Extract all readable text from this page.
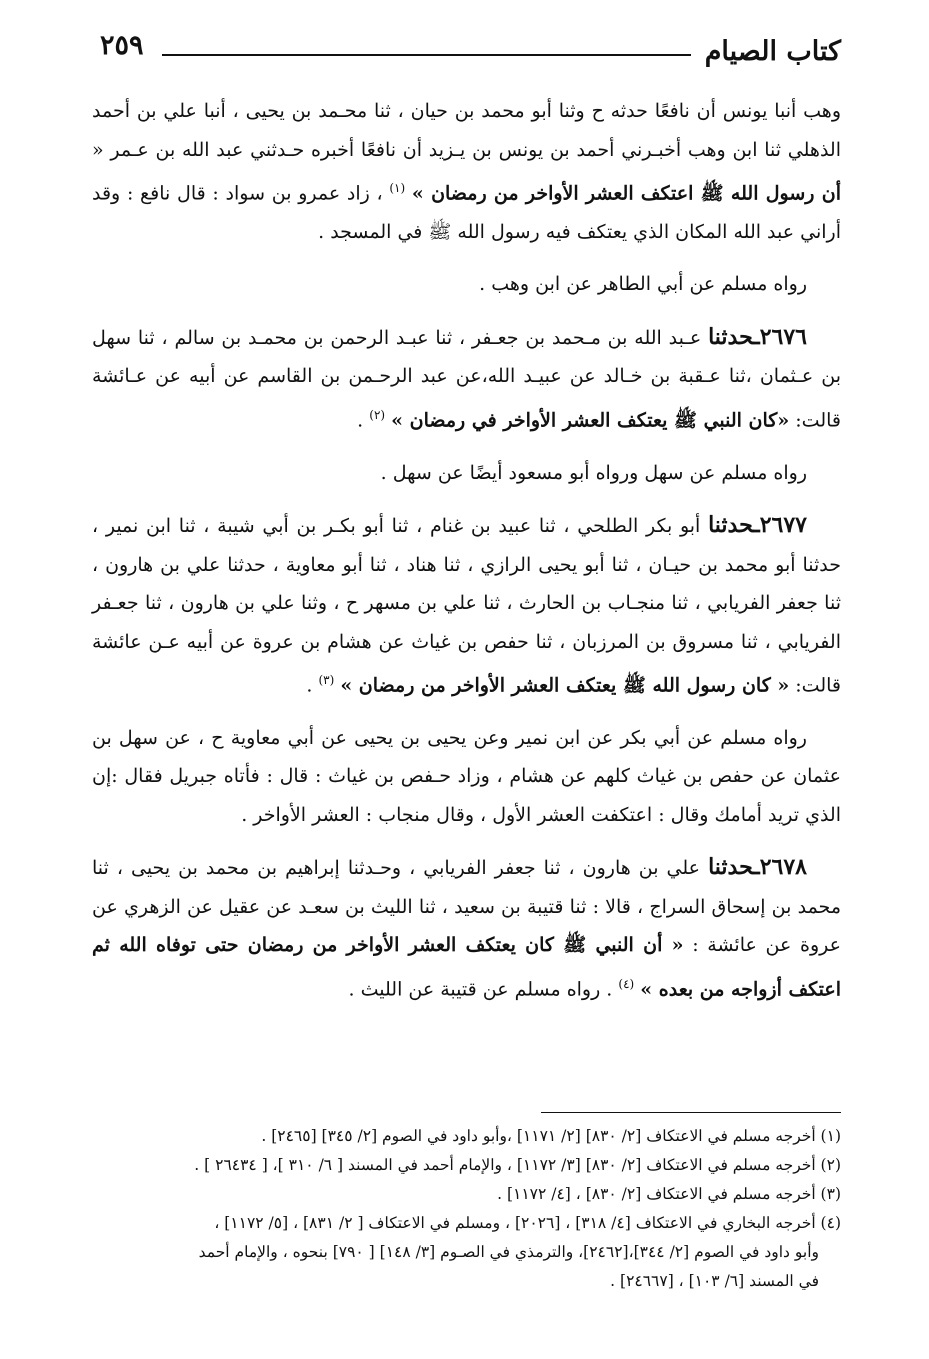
كتاب الصيام
٢٥٩

وهب أنبا يونس أن نافعًا حدثه ح وثنا أبو محمد بن حيان ، ثنا محـمد بن يحيى ، أنبا علي بن أحمد الذهلي ثنا ابن وهب أخبـرني أحمد بن يونس بن يـزيد أن نافعًا أخبره حـدثني عبد الله بن عـمر « أن رسول الله ﷺ اعتكف العشر الأواخر من رمضان » $^{(١)}$ ، زاد عمرو بن سواد : قال نافع : وقد أراني عبد الله المكان الذي يعتكف فيه رسول الله ﷺ في المسجد .

رواه مسلم عن أبي الطاهر عن ابن وهب .

٢٦٧٦ـحدثنا عـبد الله بن مـحمد بن جعـفر ، ثنا عبـد الرحمن بن محمـد بن سالم ، ثنا سهل بن عـثمان ،ثنا عـقبة بن خـالد عن عبيـد الله،عن عبد الرحـمن بن القاسم عن أبيه عن عـائشة قالت: «كان النبي ﷺ يعتكف العشر الأواخر في رمضان » $^{(٢)}$ .

رواه مسلم عن سهل ورواه أبو مسعود أيضًا عن سهل .

٢٦٧٧ـحدثنا أبو بكر الطلحي ، ثنا عبيد بن غنام ، ثنا أبو بكـر بن أبي شيبة ، ثنا ابن نمير ، حدثنا أبو محمد بن حيـان ، ثنا أبو يحيى الرازي ، ثنا هناد ، ثنا أبو معاوية ، حدثنا علي بن هارون ، ثنا جعفر الفريابي ، ثنا منجـاب بن الحارث ، ثنا علي بن مسهر ح ، وثنا علي بن هارون ، ثنا جعـفر الفريابي ، ثنا مسروق بن المرزبان ، ثنا حفص بن غياث عن هشام بن عروة عن أبيه عـن عائشة قالت: « كان رسول الله ﷺ يعتكف العشر الأواخر من رمضان » $^{(٣)}$ .

رواه مسلم عن أبي بكر عن ابن نمير وعن يحيى بن يحيى عن أبي معاوية ح ، عن سهل بن عثمان عن حفص بن غياث كلهم عن هشام ، وزاد حـفص بن غياث : قال : فأتاه جبريل فقال :إن الذي تريد أمامك وقال : اعتكفت العشر الأول ، وقال منجاب : العشر الأواخر .

٢٦٧٨ـحدثنا علي بن هارون ، ثنا جعفر الفريابي ، وحـدثنا إبراهيم بن محمد بن يحيى ، ثنا محمد بن إسحاق السراج ، قالا : ثنا قتيبة بن سعيد ، ثنا الليث بن سعـد عن عقيل عن الزهري عن عروة عن عائشة : « أن النبي ﷺ كان يعتكف العشر الأواخر من رمضان حتى توفاه الله ثم اعتكف أزواجه من بعده » $^{(٤)}$ . رواه مسلم عن قتيبة عن الليث .

(١) أخرجه مسلم في الاعتكاف [٢/ ٨٣٠] [٢/ ١١٧١] ،وأبو داود في الصوم [٢/ ٣٤٥] [٢٤٦٥] .

(٢) أخرجه مسلم في الاعتكاف [٢/ ٨٣٠] [٣/ ١١٧٢] ، والإمام أحمد في المسند [ ٦/ ٣١٠ ]، [ ٢٦٤٣٤ ] .

(٣) أخرجه مسلم في الاعتكاف [٢/ ٨٣٠] ، [٤/ ١١٧٢] .

(٤) أخرجه البخاري في الاعتكاف [٤/ ٣١٨] ، [٢٠٢٦] ، ومسلم في الاعتكاف [ ٢/ ٨٣١] ، [٥/ ١١٧٢] ،

وأبو داود في الصوم [٢/ ٣٤٤]،[٢٤٦٢]، والترمذي في الصـوم [٣/ ١٤٨] [ ٧٩٠] بنحوه ، والإمام أحمد

في المسند [٦/ ١٠٣] ، [٢٤٦٦٧] .
